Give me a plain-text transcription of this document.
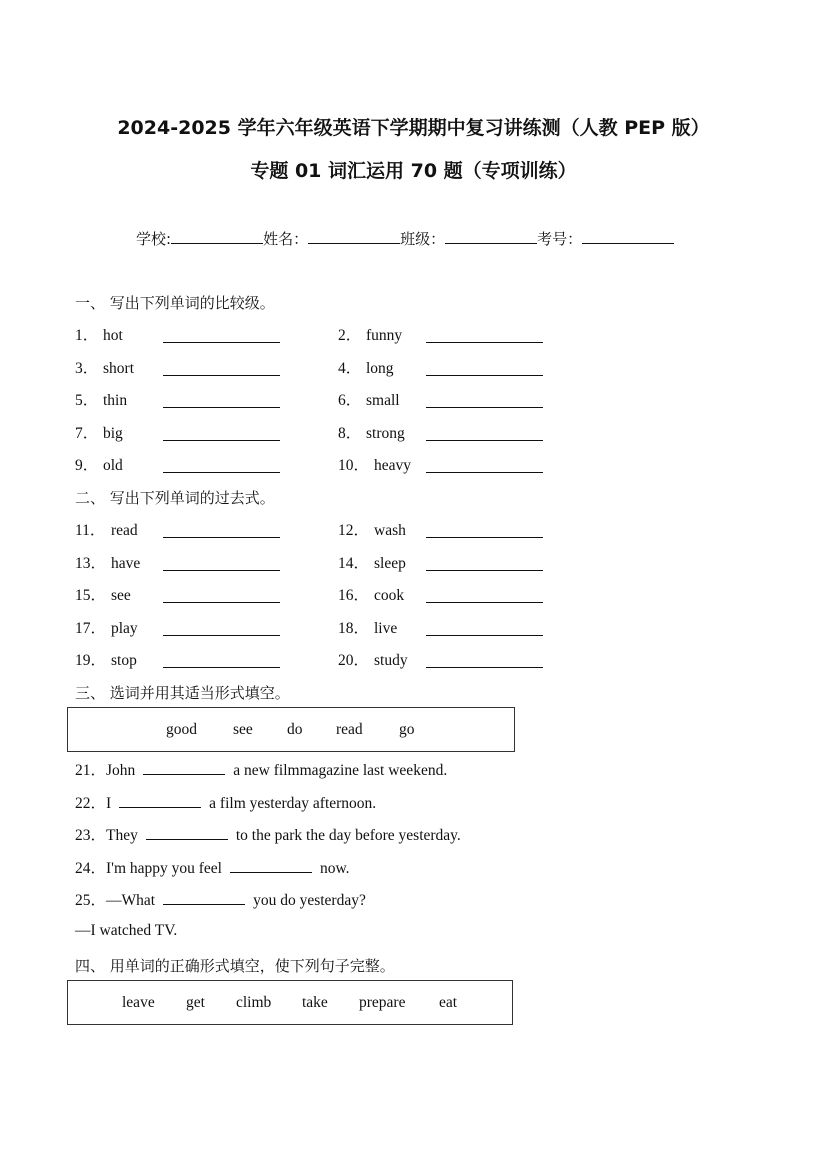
2024-2025 学年六年级英语下学期期中复习讲练测（人教 PEP 版）
专题 01 词汇运用 70 题（专项训练）
学校:	姓名：	班级：	考号：
一、 写出下列单词的比较级。
二、 写出下列单词的过去式。
三、 选词并用其适当形式填空。
四、 用单词的正确形式填空，使下列句子完整。
1． hot	2． funny
3． short	4． long
5． thin	6． small
7． big	8． strong
9． old	10． heavy
11． read	12． wash
13． have	14． sleep
15． see	16． cook
17． play	18． live
19． stop	20． study
good see do read go
21．John	a new filmmagazine last weekend.
22．I	a film yesterday afternoon.
23．They	to the park the day before yesterday.
24．I'm happy you feel	now.
25．—What	you do yesterday?
—I watched TV.
leave get climb take prepare eat
